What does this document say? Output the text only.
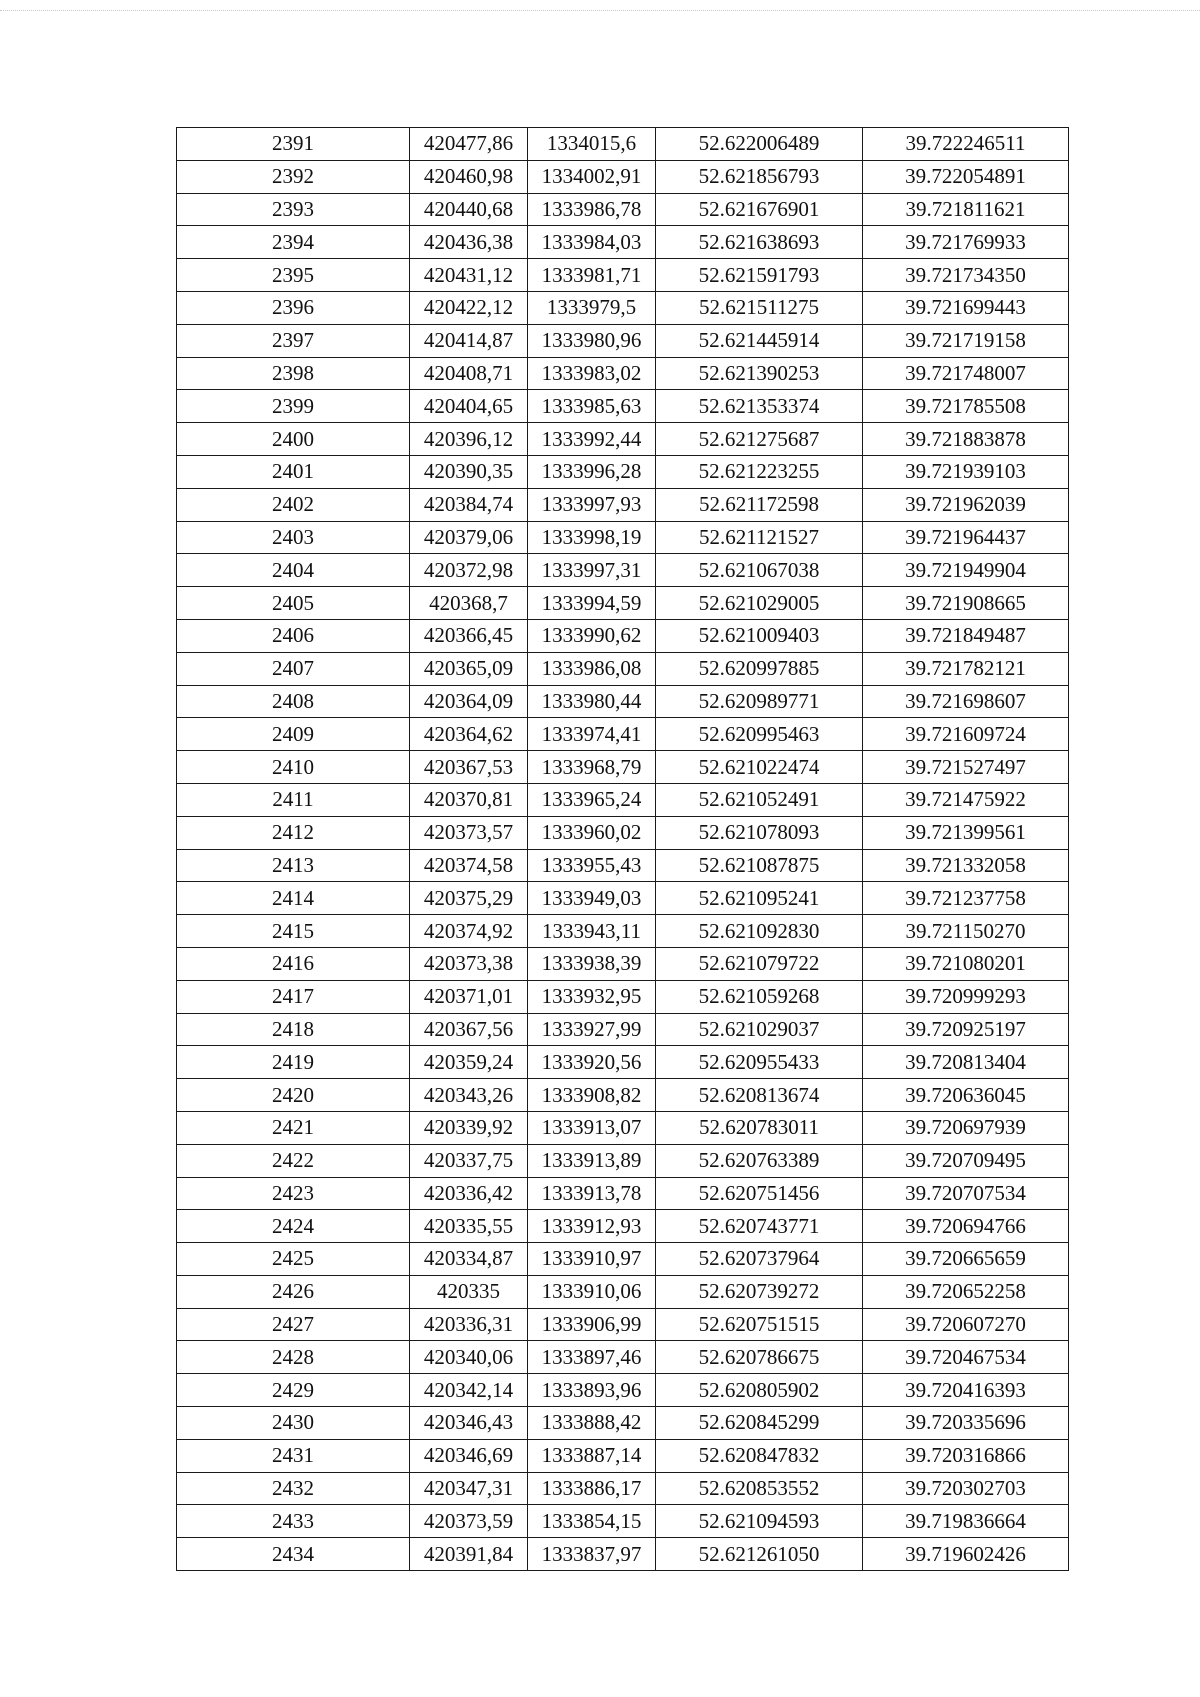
2391	420477,86	1334015,6	52.622006489	39.722246511
2392	420460,98	1334002,91	52.621856793	39.722054891
2393	420440,68	1333986,78	52.621676901	39.721811621
2394	420436,38	1333984,03	52.621638693	39.721769933
2395	420431,12	1333981,71	52.621591793	39.721734350
2396	420422,12	1333979,5	52.621511275	39.721699443
2397	420414,87	1333980,96	52.621445914	39.721719158
2398	420408,71	1333983,02	52.621390253	39.721748007
2399	420404,65	1333985,63	52.621353374	39.721785508
2400	420396,12	1333992,44	52.621275687	39.721883878
2401	420390,35	1333996,28	52.621223255	39.721939103
2402	420384,74	1333997,93	52.621172598	39.721962039
2403	420379,06	1333998,19	52.621121527	39.721964437
2404	420372,98	1333997,31	52.621067038	39.721949904
2405	420368,7	1333994,59	52.621029005	39.721908665
2406	420366,45	1333990,62	52.621009403	39.721849487
2407	420365,09	1333986,08	52.620997885	39.721782121
2408	420364,09	1333980,44	52.620989771	39.721698607
2409	420364,62	1333974,41	52.620995463	39.721609724
2410	420367,53	1333968,79	52.621022474	39.721527497
2411	420370,81	1333965,24	52.621052491	39.721475922
2412	420373,57	1333960,02	52.621078093	39.721399561
2413	420374,58	1333955,43	52.621087875	39.721332058
2414	420375,29	1333949,03	52.621095241	39.721237758
2415	420374,92	1333943,11	52.621092830	39.721150270
2416	420373,38	1333938,39	52.621079722	39.721080201
2417	420371,01	1333932,95	52.621059268	39.720999293
2418	420367,56	1333927,99	52.621029037	39.720925197
2419	420359,24	1333920,56	52.620955433	39.720813404
2420	420343,26	1333908,82	52.620813674	39.720636045
2421	420339,92	1333913,07	52.620783011	39.720697939
2422	420337,75	1333913,89	52.620763389	39.720709495
2423	420336,42	1333913,78	52.620751456	39.720707534
2424	420335,55	1333912,93	52.620743771	39.720694766
2425	420334,87	1333910,97	52.620737964	39.720665659
2426	420335	1333910,06	52.620739272	39.720652258
2427	420336,31	1333906,99	52.620751515	39.720607270
2428	420340,06	1333897,46	52.620786675	39.720467534
2429	420342,14	1333893,96	52.620805902	39.720416393
2430	420346,43	1333888,42	52.620845299	39.720335696
2431	420346,69	1333887,14	52.620847832	39.720316866
2432	420347,31	1333886,17	52.620853552	39.720302703
2433	420373,59	1333854,15	52.621094593	39.719836664
2434	420391,84	1333837,97	52.621261050	39.719602426
